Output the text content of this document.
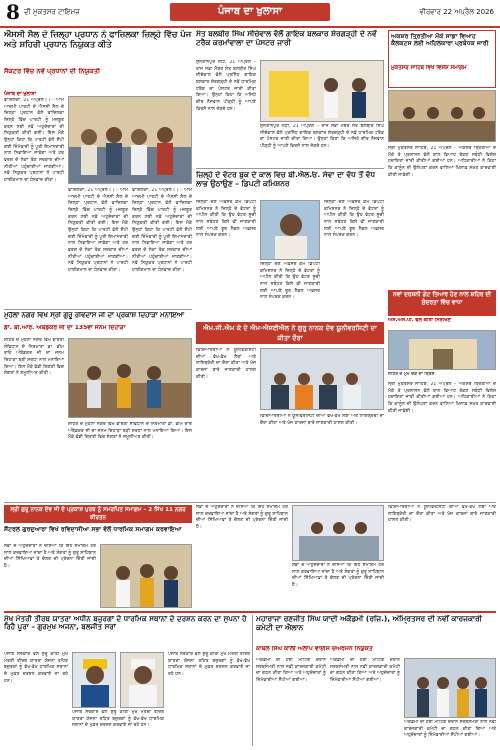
8 ਦੀ ਮੁਕਤਸਰ ਟਾਇਮਜ਼	ਪੰਜਾਬ ਦਾ ਖੁਲਾਸਾ	ਵੀਰਵਾਰ 22 ਅਪ੍ਰੈਲ 2026
ਐਸਸੀ ਸੈਲ ਦੇ ਜ਼ਿਲ੍ਹਾ ਪ੍ਰਧਾਨ ਨੇ ਫਾਜ਼ਿਲਕਾ ਜ਼ਿਲ੍ਹੇ ਵਿੱਚ ਪੰਜ ਅਤੇ ਸ਼ਹਿਰੀ ਪ੍ਰਧਾਨ ਨਿਯੁਕਤ ਕੀਤੇ
ਸੈਕਟਰ ਵਿੱਚ ਨਵੇਂ ਪ੍ਰਧਾਨਾਂ ਦੀ ਨਿਯੁਕਤੀ
ਪੰਜਾਬ ਦਾ ਖੁਲਾਸਾ
ਫਾਜ਼ਿਲਕਾ, 21 ਅਪ੍ਰੈਲ ( ) – ਆਮ ਆਦਮੀ ਪਾਰਟੀ ਦੇ ਐਸਸੀ ਸੈਲ ਦੇ ਜ਼ਿਲ੍ਹਾ ਪ੍ਰਧਾਨ ਵੱਲੋਂ ਫਾਜ਼ਿਲਕਾ ਜ਼ਿਲ੍ਹੇ ਵਿੱਚ ਪਾਰਟੀ ਨੂੰ ਮਜ਼ਬੂਤ ਕਰਨ ਲਈ ਨਵੇਂ ਅਹੁਦੇਦਾਰਾਂ ਦੀ ਨਿਯੁਕਤੀ ਕੀਤੀ ਗਈ। ਇਸ ਮੌਕੇ ਉਨ੍ਹਾਂ ਕਿਹਾ ਕਿ ਪਾਰਟੀ ਵੱਲੋਂ ਸੌਂਪੀ ਗਈ ਜ਼ਿੰਮੇਵਾਰੀ ਨੂੰ ਪੂਰੀ ਇਮਾਨਦਾਰੀ ਨਾਲ ਨਿਭਾਇਆ ਜਾਵੇਗਾ ਅਤੇ ਹਰ ਵਰਗ ਦੇ ਲੋਕਾਂ ਤੱਕ ਸਰਕਾਰ ਦੀਆਂ ਨੀਤੀਆਂ ਪਹੁੰਚਾਈਆਂ ਜਾਣਗੀਆਂ। ਨਵੇਂ ਨਿਯੁਕਤ ਪ੍ਰਧਾਨਾਂ ਨੇ ਪਾਰਟੀ ਹਾਈਕਮਾਨ ਦਾ ਧੰਨਵਾਦ ਕੀਤਾ।
ਫਾਜ਼ਿਲਕਾ, 21 ਅਪ੍ਰੈਲ ( ) – ਆਮ ਆਦਮੀ ਪਾਰਟੀ ਦੇ ਐਸਸੀ ਸੈਲ ਦੇ ਜ਼ਿਲ੍ਹਾ ਪ੍ਰਧਾਨ ਵੱਲੋਂ ਫਾਜ਼ਿਲਕਾ ਜ਼ਿਲ੍ਹੇ ਵਿੱਚ ਪਾਰਟੀ ਨੂੰ ਮਜ਼ਬੂਤ ਕਰਨ ਲਈ ਨਵੇਂ ਅਹੁਦੇਦਾਰਾਂ ਦੀ ਨਿਯੁਕਤੀ ਕੀਤੀ ਗਈ। ਇਸ ਮੌਕੇ ਉਨ੍ਹਾਂ ਕਿਹਾ ਕਿ ਪਾਰਟੀ ਵੱਲੋਂ ਸੌਂਪੀ ਗਈ ਜ਼ਿੰਮੇਵਾਰੀ ਨੂੰ ਪੂਰੀ ਇਮਾਨਦਾਰੀ ਨਾਲ ਨਿਭਾਇਆ ਜਾਵੇਗਾ ਅਤੇ ਹਰ ਵਰਗ ਦੇ ਲੋਕਾਂ ਤੱਕ ਸਰਕਾਰ ਦੀਆਂ ਨੀਤੀਆਂ ਪਹੁੰਚਾਈਆਂ ਜਾਣਗੀਆਂ। ਨਵੇਂ ਨਿਯੁਕਤ ਪ੍ਰਧਾਨਾਂ ਨੇ ਪਾਰਟੀ ਹਾਈਕਮਾਨ ਦਾ ਧੰਨਵਾਦ ਕੀਤਾ।
ਫਾਜ਼ਿਲਕਾ, 21 ਅਪ੍ਰੈਲ ( ) – ਆਮ ਆਦਮੀ ਪਾਰਟੀ ਦੇ ਐਸਸੀ ਸੈਲ ਦੇ ਜ਼ਿਲ੍ਹਾ ਪ੍ਰਧਾਨ ਵੱਲੋਂ ਫਾਜ਼ਿਲਕਾ ਜ਼ਿਲ੍ਹੇ ਵਿੱਚ ਪਾਰਟੀ ਨੂੰ ਮਜ਼ਬੂਤ ਕਰਨ ਲਈ ਨਵੇਂ ਅਹੁਦੇਦਾਰਾਂ ਦੀ ਨਿਯੁਕਤੀ ਕੀਤੀ ਗਈ। ਇਸ ਮੌਕੇ ਉਨ੍ਹਾਂ ਕਿਹਾ ਕਿ ਪਾਰਟੀ ਵੱਲੋਂ ਸੌਂਪੀ ਗਈ ਜ਼ਿੰਮੇਵਾਰੀ ਨੂੰ ਪੂਰੀ ਇਮਾਨਦਾਰੀ ਨਾਲ ਨਿਭਾਇਆ ਜਾਵੇਗਾ ਅਤੇ ਹਰ ਵਰਗ ਦੇ ਲੋਕਾਂ ਤੱਕ ਸਰਕਾਰ ਦੀਆਂ ਨੀਤੀਆਂ ਪਹੁੰਚਾਈਆਂ ਜਾਣਗੀਆਂ। ਨਵੇਂ ਨਿਯੁਕਤ ਪ੍ਰਧਾਨਾਂ ਨੇ ਪਾਰਟੀ ਹਾਈਕਮਾਨ ਦਾ ਧੰਨਵਾਦ ਕੀਤਾ।
ਮੁਹੱਲਾ ਨਗਰ ਵਿਖੇ ਸ੍ਰੀ ਗੁਰੂ ਰਵਿਦਾਸ ਜੀ ਦਾ ਪ੍ਰਕਾਸ਼ ਦਿਹਾੜਾ ਮਨਾਇਆ
ਡਾ. ਬੀ.ਆਰ. ਅੰਬੇਡਕਰ ਜੀ ਦਾ 135ਵਾਂ ਜਨਮ ਦਿਹਾੜਾ
ਸ਼ਹਿਰ ਦੇ ਮੁਹੱਲਾ ਨਗਰ ਵਿਖੇ ਭਾਰਤੀ ਸੰਵਿਧਾਨ ਦੇ ਨਿਰਮਾਤਾ ਡਾ. ਭੀਮ ਰਾਓ ਅੰਬੇਡਕਰ ਜੀ ਦਾ ਜਨਮ ਦਿਹਾੜਾ ਬੜੀ ਸ਼ਰਧਾ ਨਾਲ ਮਨਾਇਆ ਗਿਆ। ਇਸ ਮੌਕੇ ਵੱਡੀ ਗਿਣਤੀ ਵਿਚ ਸੰਗਤਾਂ ਨੇ ਸ਼ਮੂਲੀਅਤ ਕੀਤੀ।
ਸ਼ਹਿਰ ਦੇ ਮੁਹੱਲਾ ਨਗਰ ਵਿਖੇ ਭਾਰਤੀ ਸੰਵਿਧਾਨ ਦੇ ਨਿਰਮਾਤਾ ਡਾ. ਭੀਮ ਰਾਓ ਅੰਬੇਡਕਰ ਜੀ ਦਾ ਜਨਮ ਦਿਹਾੜਾ ਬੜੀ ਸ਼ਰਧਾ ਨਾਲ ਮਨਾਇਆ ਗਿਆ। ਇਸ ਮੌਕੇ ਵੱਡੀ ਗਿਣਤੀ ਵਿਚ ਸੰਗਤਾਂ ਨੇ ਸ਼ਮੂਲੀਅਤ ਕੀਤੀ।
ਸੰਤ ਬਲਬੀਰ ਸਿੰਘ ਸੀਚੇਵਾਲ ਵੱਲੋਂ ਗਾਇਕ ਬਲਕਾਰ ਸ਼ੇਰਗੜ੍ਹੀ ਦੇ ਨਵੇਂ ਟਰੈਕ ਕਰਮਾਂਵਾਲਾ ਦਾ ਪੋਸਟਰ ਜਾਰੀ
ਸੁਲਤਾਨਪੁਰ ਲੋਧੀ, 21 ਅਪ੍ਰੈਲ – ਰਾਜ ਸਭਾ ਮੈਂਬਰ ਸੰਤ ਬਲਬੀਰ ਸਿੰਘ ਸੀਚੇਵਾਲ ਵੱਲੋਂ ਪ੍ਰਸਿੱਧ ਗਾਇਕ ਬਲਕਾਰ ਸ਼ੇਰਗੜ੍ਹੀ ਦੇ ਨਵੇਂ ਧਾਰਮਿਕ ਟਰੈਕ ਦਾ ਪੋਸਟਰ ਜਾਰੀ ਕੀਤਾ ਗਿਆ। ਉਨ੍ਹਾਂ ਕਿਹਾ ਕਿ ਅਜਿਹੇ ਗੀਤ ਨੌਜਵਾਨ ਪੀੜ੍ਹੀ ਨੂੰ ਆਪਣੇ ਵਿਰਸੇ ਨਾਲ ਜੋੜਦੇ ਹਨ।
ਸੁਲਤਾਨਪੁਰ ਲੋਧੀ, 21 ਅਪ੍ਰੈਲ – ਰਾਜ ਸਭਾ ਮੈਂਬਰ ਸੰਤ ਬਲਬੀਰ ਸਿੰਘ ਸੀਚੇਵਾਲ ਵੱਲੋਂ ਪ੍ਰਸਿੱਧ ਗਾਇਕ ਬਲਕਾਰ ਸ਼ੇਰਗੜ੍ਹੀ ਦੇ ਨਵੇਂ ਧਾਰਮਿਕ ਟਰੈਕ ਦਾ ਪੋਸਟਰ ਜਾਰੀ ਕੀਤਾ ਗਿਆ। ਉਨ੍ਹਾਂ ਕਿਹਾ ਕਿ ਅਜਿਹੇ ਗੀਤ ਨੌਜਵਾਨ ਪੀੜ੍ਹੀ ਨੂੰ ਆਪਣੇ ਵਿਰਸੇ ਨਾਲ ਜੋੜਦੇ ਹਨ।
ਜ਼ਿਲ੍ਹੇ ਦੇ ਵੋਟਰ ਬੁਕ ਦੇ ਕਾਲ ਵਿਚ ਬੀ.ਐਲ.ਓ. ਸੇਵਾ ਦਾ ਵੱਧ ਤੋਂ ਵੱਧ ਲਾਭ ਉਠਾਉਣ – ਡਿਪਟੀ ਕਮਿਸ਼ਨਰ
ਜ਼ਿਲ੍ਹਾ ਚੋਣ ਅਫ਼ਸਰ ਕਮ ਡਿਪਟੀ ਕਮਿਸ਼ਨਰ ਨੇ ਜ਼ਿਲ੍ਹੇ ਦੇ ਵੋਟਰਾਂ ਨੂੰ ਅਪੀਲ ਕੀਤੀ ਕਿ ਉਹ ਵੋਟਰ ਸੂਚੀ ਨਾਲ ਸਬੰਧਤ ਕਿਸੇ ਵੀ ਜਾਣਕਾਰੀ ਲਈ ਆਪਣੇ ਬੂਥ ਲੈਵਲ ਅਫ਼ਸਰ ਨਾਲ ਸੰਪਰਕ ਕਰਨ।
ਜ਼ਿਲ੍ਹਾ ਚੋਣ ਅਫ਼ਸਰ ਕਮ ਡਿਪਟੀ ਕਮਿਸ਼ਨਰ ਨੇ ਜ਼ਿਲ੍ਹੇ ਦੇ ਵੋਟਰਾਂ ਨੂੰ ਅਪੀਲ ਕੀਤੀ ਕਿ ਉਹ ਵੋਟਰ ਸੂਚੀ ਨਾਲ ਸਬੰਧਤ ਕਿਸੇ ਵੀ ਜਾਣਕਾਰੀ ਲਈ ਆਪਣੇ ਬੂਥ ਲੈਵਲ ਅਫ਼ਸਰ ਨਾਲ ਸੰਪਰਕ ਕਰਨ।
ਜ਼ਿਲ੍ਹਾ ਚੋਣ ਅਫ਼ਸਰ ਕਮ ਡਿਪਟੀ ਕਮਿਸ਼ਨਰ ਨੇ ਜ਼ਿਲ੍ਹੇ ਦੇ ਵੋਟਰਾਂ ਨੂੰ ਅਪੀਲ ਕੀਤੀ ਕਿ ਉਹ ਵੋਟਰ ਸੂਚੀ ਨਾਲ ਸਬੰਧਤ ਕਿਸੇ ਵੀ ਜਾਣਕਾਰੀ ਲਈ ਆਪਣੇ ਬੂਥ ਲੈਵਲ ਅਫ਼ਸਰ ਨਾਲ ਸੰਪਰਕ ਕਰਨ।
ਐਮ.ਜੀ.ਐਮ ਕੇ ਦੇ ਐਮ-ਐਸਈਐਲ ਨੇ ਗੁਰੂ ਨਾਨਕ ਦੇਵ ਯੂਨੀਵਰਸਿਟੀ ਦਾ ਕੀਤਾ ਦੌਰਾ
ਵਿਦਿਆਰਥੀਆਂ ਨੇ ਯੂਨੀਵਰਸਿਟੀ ਦੀਆਂ ਵੱਖ-ਵੱਖ ਲੈਬਾਂ ਅਤੇ ਲਾਇਬ੍ਰੇਰੀ ਦਾ ਦੌਰਾ ਕੀਤਾ ਅਤੇ ਖੋਜ ਕਾਰਜਾਂ ਬਾਰੇ ਜਾਣਕਾਰੀ ਹਾਸਲ ਕੀਤੀ।
ਵਿਦਿਆਰਥੀਆਂ ਨੇ ਯੂਨੀਵਰਸਿਟੀ ਦੀਆਂ ਵੱਖ-ਵੱਖ ਲੈਬਾਂ ਅਤੇ ਲਾਇਬ੍ਰੇਰੀ ਦਾ ਦੌਰਾ ਕੀਤਾ ਅਤੇ ਖੋਜ ਕਾਰਜਾਂ ਬਾਰੇ ਜਾਣਕਾਰੀ ਹਾਸਲ ਕੀਤੀ।
ਅਕਸ਼ਰ ਤ੍ਰਿਤੀਆ ਮੌਕੇ ਸਾਡਾ ਵਿਆਹ ਕੈਲਕਟਸ ਲਈ ਅਹਿਲਕਾਰਾ ਪ੍ਰਬੰਧਕ ਜਾਰੀ
ਮੁਕਤਸਰ ਸਾਹਿਬ ਵਿਖੇ ਵਿਸ਼ੇਸ਼ ਸਮਾਗਮ
ਸ੍ਰੀ ਮੁਕਤਸਰ ਸਾਹਿਬ, 21 ਅਪ੍ਰੈਲ – ਅਕਸ਼ਰ ਤ੍ਰਿਤੀਆ ਦੇ ਮੌਕੇ ਤੇ ਪ੍ਰਸ਼ਾਸਨ ਵੱਲੋਂ ਬਾਲ ਵਿਆਹ ਰੋਕਣ ਸਬੰਧੀ ਵਿਸ਼ੇਸ਼ ਹਦਾਇਤਾਂ ਜਾਰੀ ਕੀਤੀਆਂ ਗਈਆਂ ਹਨ। ਅਧਿਕਾਰੀਆਂ ਨੇ ਕਿਹਾ ਕਿ ਕਾਨੂੰਨ ਦੀ ਉਲੰਘਣਾ ਕਰਨ ਵਾਲਿਆਂ ਖ਼ਿਲਾਫ਼ ਸਖ਼ਤ ਕਾਰਵਾਈ ਕੀਤੀ ਜਾਵੇਗੀ।
ਨਵਾਂ ਦਰਸ਼ਨੀ ਗੇਟ ਤਿਆਰ ਹੋਣ ਨਾਲ ਸ਼ਹਿਰ ਦੀ ਸੁੰਦਰਤਾ ਵਿੱਚ ਵਾਧਾ
ਐਸ.ਐਸ.ਪੀ. ਵੱਲੋਂ ਕੀਤਾ ਨਿਰੀਖਣ
ਸ਼ਹਿਰ ਦੇ ਮੁੱਖ ਚੌਕ ਦਾ ਦ੍ਰਿਸ਼
ਸ੍ਰੀ ਮੁਕਤਸਰ ਸਾਹਿਬ, 21 ਅਪ੍ਰੈਲ – ਅਕਸ਼ਰ ਤ੍ਰਿਤੀਆ ਦੇ ਮੌਕੇ ਤੇ ਪ੍ਰਸ਼ਾਸਨ ਵੱਲੋਂ ਬਾਲ ਵਿਆਹ ਰੋਕਣ ਸਬੰਧੀ ਵਿਸ਼ੇਸ਼ ਹਦਾਇਤਾਂ ਜਾਰੀ ਕੀਤੀਆਂ ਗਈਆਂ ਹਨ। ਅਧਿਕਾਰੀਆਂ ਨੇ ਕਿਹਾ ਕਿ ਕਾਨੂੰਨ ਦੀ ਉਲੰਘਣਾ ਕਰਨ ਵਾਲਿਆਂ ਖ਼ਿਲਾਫ਼ ਸਖ਼ਤ ਕਾਰਵਾਈ ਕੀਤੀ ਜਾਵੇਗੀ।
ਸ੍ਰੀ ਗੁਰੂ ਨਾਨਕ ਦੇਵ ਜੀ ਦੇ ਪ੍ਰਕਾਸ਼ ਪੁਰਬ ਨੂੰ ਸਮਰਪਿਤ ਸਮਾਗਮ – 2 ਸਿੱਖ 11 ਨਗਰ ਕੀਰਤਨ
ਸੈਂਟਰਲ ਗੁਰਦੁਆਰਾ ਵਿਖੇ ਰਵਿਦਾਸੀਆ ਸਭਾ ਵੱਲੋਂ ਧਾਰਮਿਕ ਸਮਾਗਮ ਕਰਵਾਇਆ
ਸਭਾ ਦੇ ਅਹੁਦੇਦਾਰਾਂ ਨੇ ਦੱਸਿਆ ਕਿ ਇਹ ਸਮਾਗਮ ਹਰ ਸਾਲ ਕਰਵਾਇਆ ਜਾਂਦਾ ਹੈ ਅਤੇ ਸੰਗਤਾਂ ਨੂੰ ਗੁਰੂ ਸਾਹਿਬਾਨ ਦੀਆਂ ਸਿੱਖਿਆਵਾਂ ਤੇ ਚੱਲਣ ਦੀ ਪ੍ਰੇਰਨਾ ਦਿੱਤੀ ਜਾਂਦੀ ਹੈ।
ਸਭਾ ਦੇ ਅਹੁਦੇਦਾਰਾਂ ਨੇ ਦੱਸਿਆ ਕਿ ਇਹ ਸਮਾਗਮ ਹਰ ਸਾਲ ਕਰਵਾਇਆ ਜਾਂਦਾ ਹੈ ਅਤੇ ਸੰਗਤਾਂ ਨੂੰ ਗੁਰੂ ਸਾਹਿਬਾਨ ਦੀਆਂ ਸਿੱਖਿਆਵਾਂ ਤੇ ਚੱਲਣ ਦੀ ਪ੍ਰੇਰਨਾ ਦਿੱਤੀ ਜਾਂਦੀ ਹੈ।
ਸਭਾ ਦੇ ਅਹੁਦੇਦਾਰਾਂ ਨੇ ਦੱਸਿਆ ਕਿ ਇਹ ਸਮਾਗਮ ਹਰ ਸਾਲ ਕਰਵਾਇਆ ਜਾਂਦਾ ਹੈ ਅਤੇ ਸੰਗਤਾਂ ਨੂੰ ਗੁਰੂ ਸਾਹਿਬਾਨ ਦੀਆਂ ਸਿੱਖਿਆਵਾਂ ਤੇ ਚੱਲਣ ਦੀ ਪ੍ਰੇਰਨਾ ਦਿੱਤੀ ਜਾਂਦੀ ਹੈ।
ਵਿਦਿਆਰਥੀਆਂ ਨੇ ਯੂਨੀਵਰਸਿਟੀ ਦੀਆਂ ਵੱਖ-ਵੱਖ ਲੈਬਾਂ ਅਤੇ ਲਾਇਬ੍ਰੇਰੀ ਦਾ ਦੌਰਾ ਕੀਤਾ ਅਤੇ ਖੋਜ ਕਾਰਜਾਂ ਬਾਰੇ ਜਾਣਕਾਰੀ ਹਾਸਲ ਕੀਤੀ।
ਮੁੱਖ ਮੰਤਰੀ ਤੀਰਥ ਯਾਤਰਾ ਅਧੀਨ ਬਜ਼ੁਰਗਾਂ ਦੇ ਧਾਰਮਿਕ ਸਥਾਨਾਂ ਦੇ ਦਰਸ਼ਨ ਕਰਨ ਦਾ ਸੁਪਨਾ ਹੋ ਰਿਹੈ ਪੂਰਾ – ਗੁਰਮੁਖ ਅਜਨਾ, ਬਲਜੀਤ ਸਰਾਂ
ਪੰਜਾਬ ਸਰਕਾਰ ਵੱਲੋਂ ਸ਼ੁਰੂ ਕੀਤੀ ਮੁੱਖ ਮੰਤਰੀ ਤੀਰਥ ਯਾਤਰਾ ਯੋਜਨਾ ਤਹਿਤ ਬਜ਼ੁਰਗਾਂ ਨੂੰ ਵੱਖ-ਵੱਖ ਧਾਰਮਿਕ ਸਥਾਨਾਂ ਦੇ ਮੁਫ਼ਤ ਦਰਸ਼ਨ ਕਰਵਾਏ ਜਾ ਰਹੇ ਹਨ।
ਪੰਜਾਬ ਸਰਕਾਰ ਵੱਲੋਂ ਸ਼ੁਰੂ ਕੀਤੀ ਮੁੱਖ ਮੰਤਰੀ ਤੀਰਥ ਯਾਤਰਾ ਯੋਜਨਾ ਤਹਿਤ ਬਜ਼ੁਰਗਾਂ ਨੂੰ ਵੱਖ-ਵੱਖ ਧਾਰਮਿਕ ਸਥਾਨਾਂ ਦੇ ਮੁਫ਼ਤ ਦਰਸ਼ਨ ਕਰਵਾਏ ਜਾ ਰਹੇ ਹਨ।
ਪੰਜਾਬ ਸਰਕਾਰ ਵੱਲੋਂ ਸ਼ੁਰੂ ਕੀਤੀ ਮੁੱਖ ਮੰਤਰੀ ਤੀਰਥ ਯਾਤਰਾ ਯੋਜਨਾ ਤਹਿਤ ਬਜ਼ੁਰਗਾਂ ਨੂੰ ਵੱਖ-ਵੱਖ ਧਾਰਮਿਕ ਸਥਾਨਾਂ ਦੇ ਮੁਫ਼ਤ ਦਰਸ਼ਨ ਕਰਵਾਏ ਜਾ ਰਹੇ ਹਨ।
ਮਹਾਰਾਜਾ ਰਣਜੀਤ ਸਿੰਘ ਯਾਦੀ ਅਕੈਡਮੀ (ਰਜਿ.), ਅੰਮ੍ਰਿਤਸਰ ਦੀ ਨਵੀਂ ਕਾਰਜਕਾਰੀ ਕਮੇਟੀ ਦਾ ਐਲਾਨ
ਕਾਬਲ ਸਿੰਘ ਕਾਲੀ ਅਲਾਪ ਵਾਈਸ ਚੇਅਰਮੈਨ ਨਿਯੁਕਤ
ਅਕੈਡਮੀ ਦੀ ਹੋਈ ਮੀਟਿੰਗ ਦੌਰਾਨ ਸਰਬਸੰਮਤੀ ਨਾਲ ਨਵੀਂ ਕਾਰਜਕਾਰੀ ਕਮੇਟੀ ਦਾ ਗਠਨ ਕੀਤਾ ਗਿਆ ਅਤੇ ਅਹੁਦੇਦਾਰਾਂ ਨੂੰ ਜ਼ਿੰਮੇਵਾਰੀਆਂ ਸੌਂਪੀਆਂ ਗਈਆਂ।
ਅਕੈਡਮੀ ਦੀ ਹੋਈ ਮੀਟਿੰਗ ਦੌਰਾਨ ਸਰਬਸੰਮਤੀ ਨਾਲ ਨਵੀਂ ਕਾਰਜਕਾਰੀ ਕਮੇਟੀ ਦਾ ਗਠਨ ਕੀਤਾ ਗਿਆ ਅਤੇ ਅਹੁਦੇਦਾਰਾਂ ਨੂੰ ਜ਼ਿੰਮੇਵਾਰੀਆਂ ਸੌਂਪੀਆਂ ਗਈਆਂ।
ਅਕੈਡਮੀ ਦੀ ਹੋਈ ਮੀਟਿੰਗ ਦੌਰਾਨ ਸਰਬਸੰਮਤੀ ਨਾਲ ਨਵੀਂ ਕਾਰਜਕਾਰੀ ਕਮੇਟੀ ਦਾ ਗਠਨ ਕੀਤਾ ਗਿਆ ਅਤੇ ਅਹੁਦੇਦਾਰਾਂ ਨੂੰ ਜ਼ਿੰਮੇਵਾਰੀਆਂ ਸੌਂਪੀਆਂ ਗਈਆਂ।
